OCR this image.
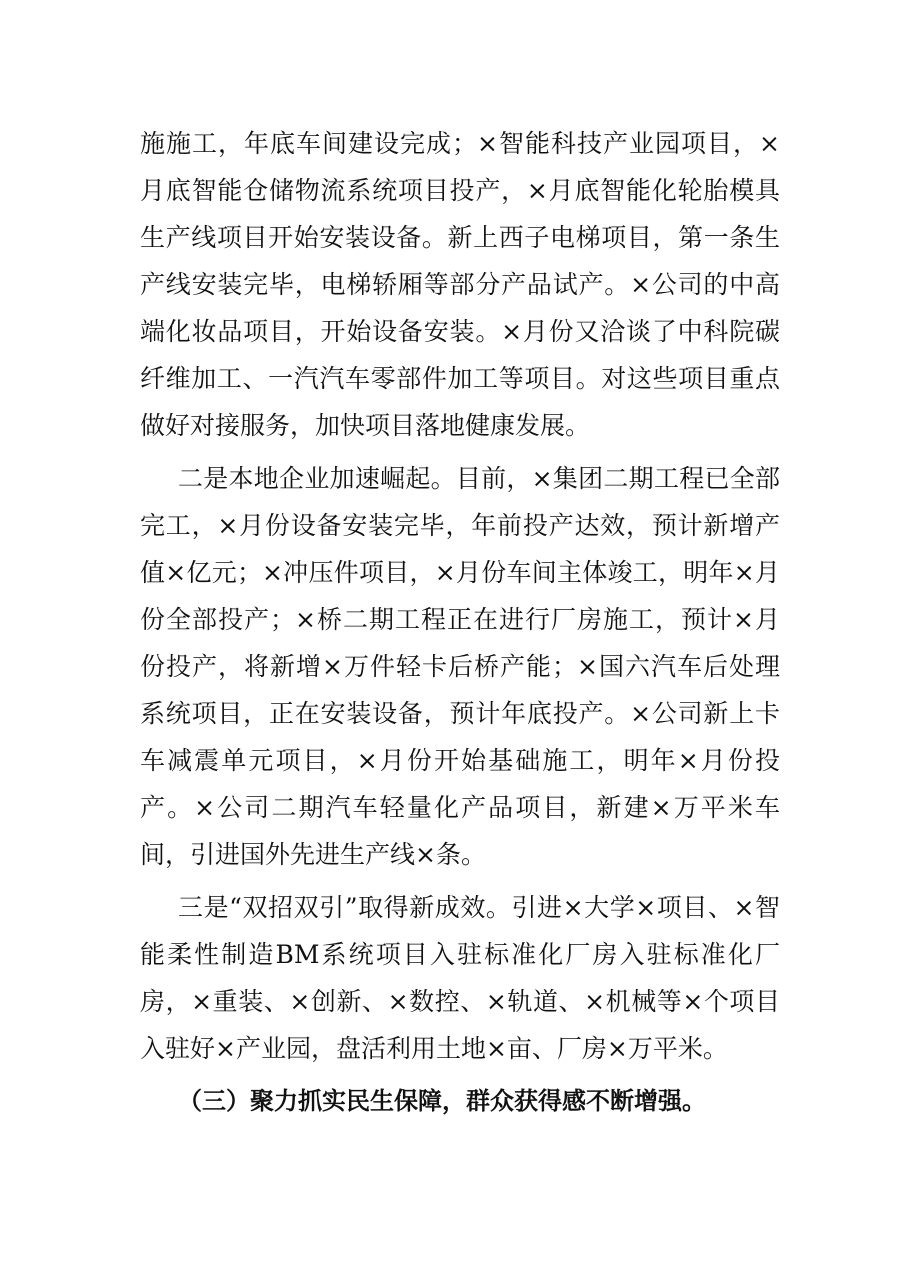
施施工，年底车间建设完成；×智能科技产业园项目，×月底智能仓储物流系统项目投产，×月底智能化轮胎模具生产线项目开始安装设备。新上西子电梯项目，第一条生产线安装完毕，电梯轿厢等部分产品试产。×公司的中高端化妆品项目，开始设备安装。×月份又洽谈了中科院碳纤维加工、一汽汽车零部件加工等项目。对这些项目重点做好对接服务，加快项目落地健康发展。

二是本地企业加速崛起。目前，×集团二期工程已全部完工，×月份设备安装完毕，年前投产达效，预计新增产值×亿元；×冲压件项目，×月份车间主体竣工，明年×月份全部投产；×桥二期工程正在进行厂房施工，预计×月份投产，将新增×万件轻卡后桥产能；×国六汽车后处理系统项目，正在安装设备，预计年底投产。×公司新上卡车减震单元项目，×月份开始基础施工，明年×月份投产。×公司二期汽车轻量化产品项目，新建×万平米车间，引进国外先进生产线×条。

三是“双招双引”取得新成效。引进×大学×项目、×智能柔性制造BM系统项目入驻标准化厂房入驻标准化厂房，×重装、×创新、×数控、×轨道、×机械等×个项目入驻好×产业园，盘活利用土地×亩、厂房×万平米。

（三）聚力抓实民生保障，群众获得感不断增强。
